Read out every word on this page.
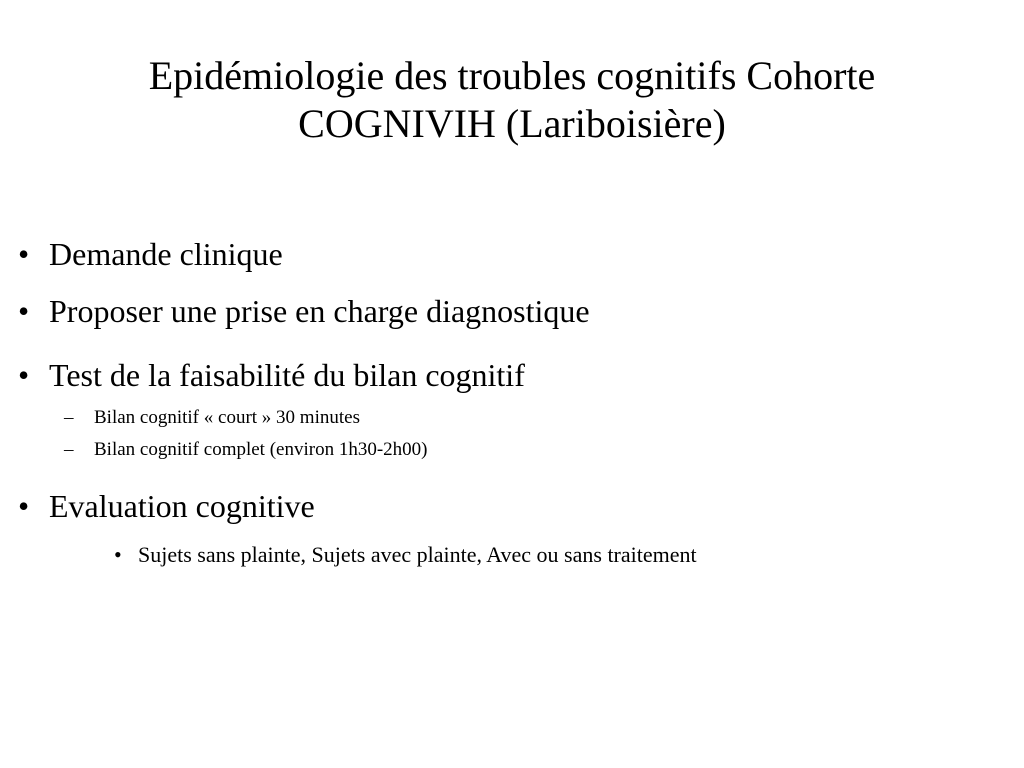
Epidémiologie des troubles cognitifs Cohorte
COGNIVIH (Lariboisière)
• Demande clinique
• Proposer une prise en charge diagnostique
• Test de la faisabilité du bilan cognitif
– Bilan cognitif « court » 30 minutes
– Bilan cognitif complet (environ 1h30-2h00)
• Evaluation cognitive
• Sujets sans plainte, Sujets avec plainte, Avec ou sans traitement
